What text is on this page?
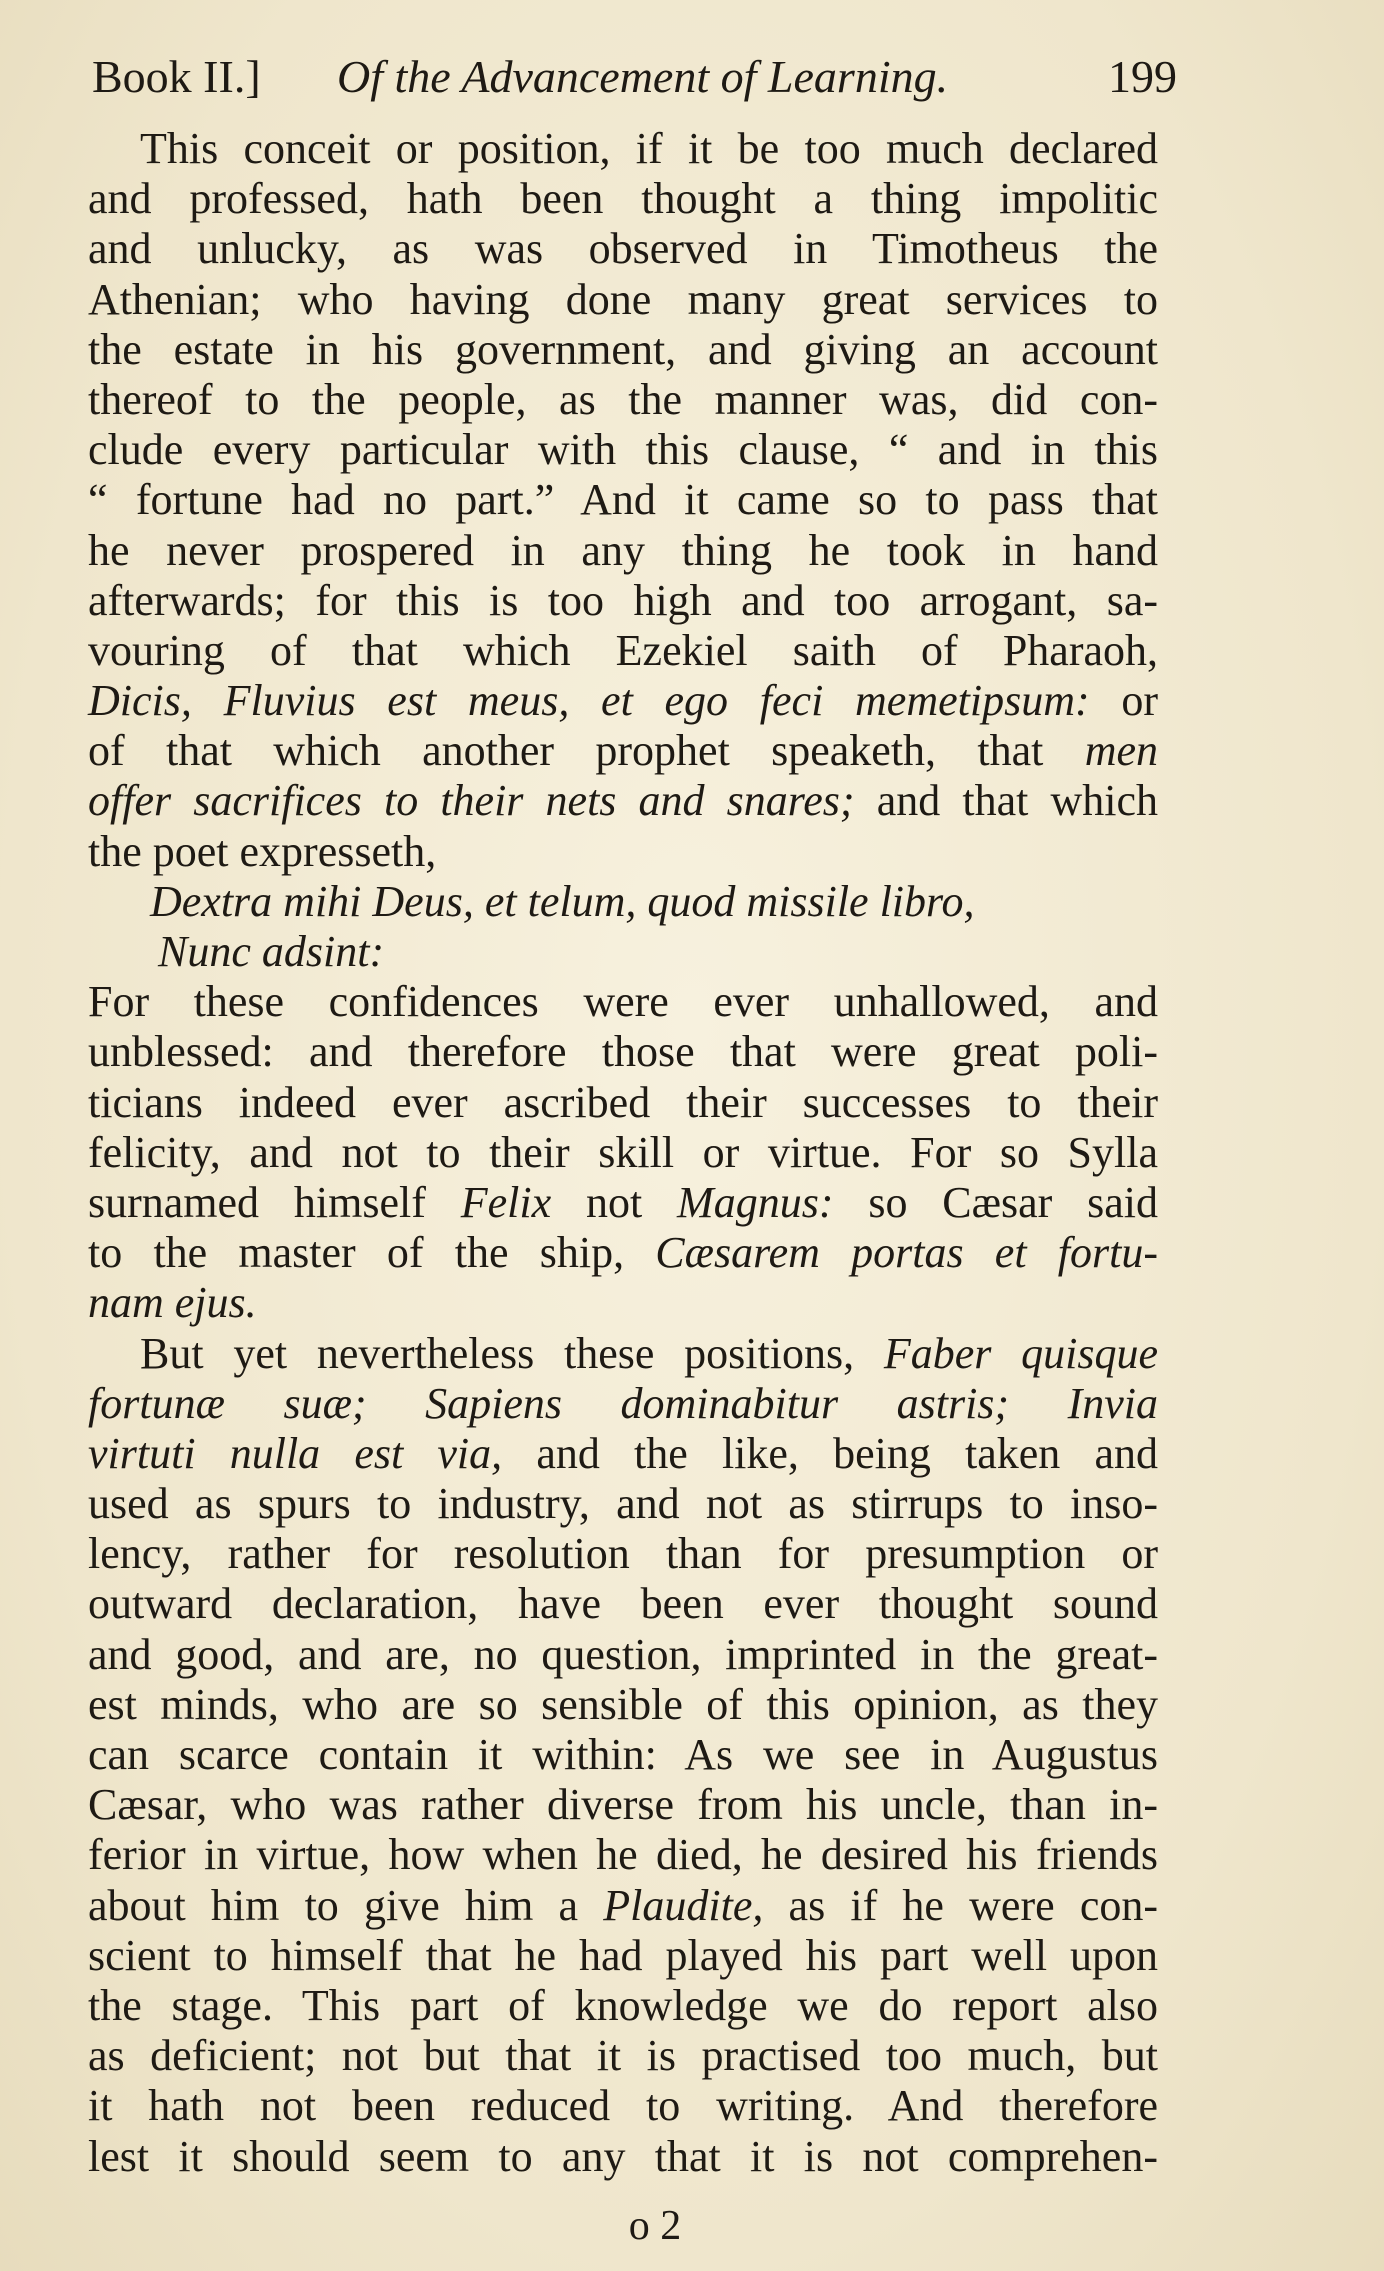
Book II.] Of the Advancement of Learning.	199
This conceit or position, if it be too much declared
and professed, hath been thought a thing impolitic
and unlucky, as was observed in Timotheus the
Athenian; who having done many great services to
the estate in his government, and giving an account
thereof to the people, as the manner was, did con-
clude every particular with this clause, “ and in this
“ fortune had no part.” And it came so to pass that
he never prospered in any thing he took in hand
afterwards; for this is too high and too arrogant, sa-
vouring of that which Ezekiel saith of Pharaoh,
Dicis, Fluvius est meus, et ego feci memetipsum: or
of that which another prophet speaketh, that men
offer sacrifices to their nets and snares; and that which
the poet expresseth,
Dextra mihi Deus, et telum, quod missile libro,
Nunc adsint:
For these confidences were ever unhallowed, and
unblessed: and therefore those that were great poli-
ticians indeed ever ascribed their successes to their
felicity, and not to their skill or virtue. For so Sylla
surnamed himself Felix not Magnus: so Cæsar said
to the master of the ship, Cæsarem portas et fortu-
nam ejus.
But yet nevertheless these positions, Faber quisque
fortunæ suæ; Sapiens dominabitur astris; Invia
virtuti nulla est via, and the like, being taken and
used as spurs to industry, and not as stirrups to inso-
lency, rather for resolution than for presumption or
outward declaration, have been ever thought sound
and good, and are, no question, imprinted in the great-
est minds, who are so sensible of this opinion, as they
can scarce contain it within: As we see in Augustus
Cæsar, who was rather diverse from his uncle, than in-
ferior in virtue, how when he died, he desired his friends
about him to give him a Plaudite, as if he were con-
scient to himself that he had played his part well upon
the stage. This part of knowledge we do report also
as deficient; not but that it is practised too much, but
it hath not been reduced to writing. And therefore
lest it should seem to any that it is not comprehen-
o 2
